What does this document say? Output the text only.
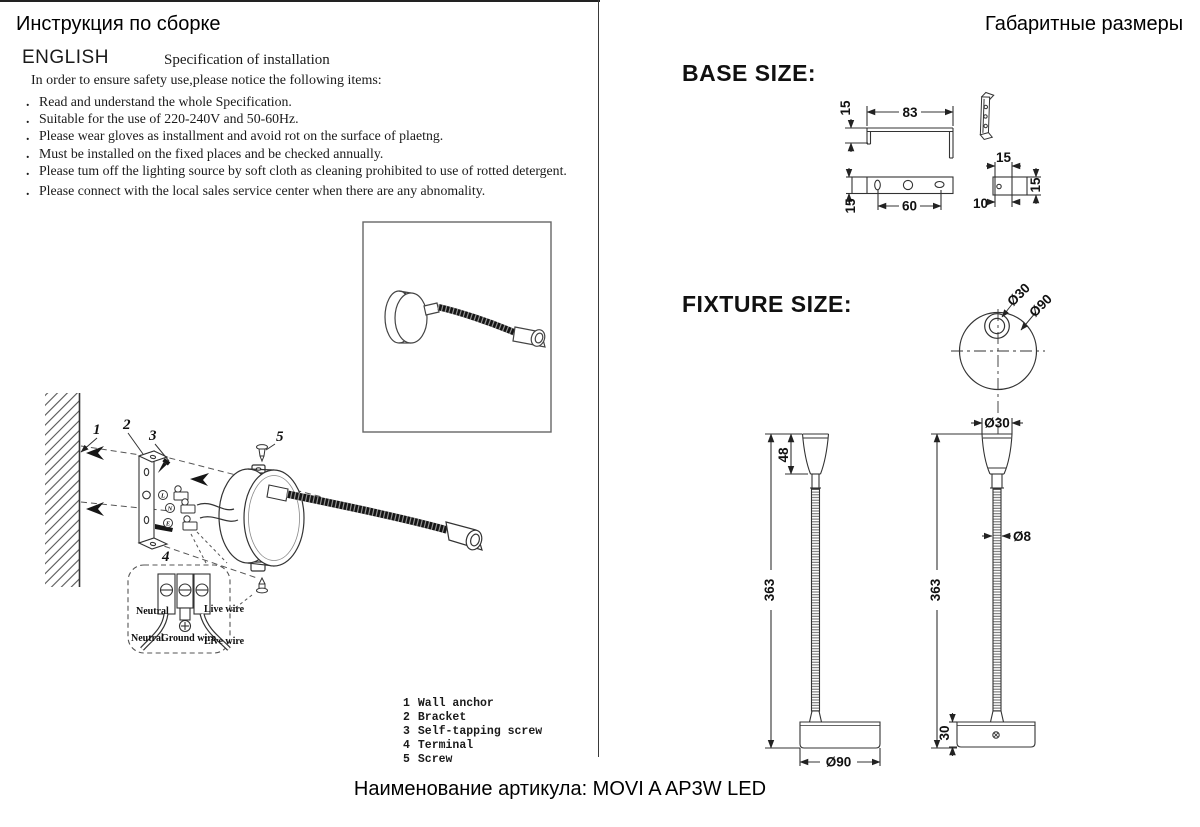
Инструкция по сборке	Габаритные размеры
ENGLISH	Specification of installation
In order to ensure safety use,please notice the following items:
. Read and understand the whole Specification.
. Suitable for the use of 220-240V and 50-60Hz.
. Please wear gloves as installment and avoid rot on the surface of plaetng.
. Must be installed on the fixed places and be checked annually.
. Please tum off the lighting source by soft cloth as cleaning prohibited to use of rotted detergent.
. Please connect with the local sales service center when there are any abnomality.
1 Wall anchor
2 Bracket
3 Self-tapping screw
4 Terminal
5 Screw
BASE SIZE:
FIXTURE SIZE:
Наименование артикула: MOVI A AP3W LED
L
N
E
1 2
3	5
4
Neutral	Live wire
Neutral
Ground wire
Live wire
83
15
60
15
15
15
10
Ø30
Ø90
363
48
Ø90
Ø30
363
Ø8
30
